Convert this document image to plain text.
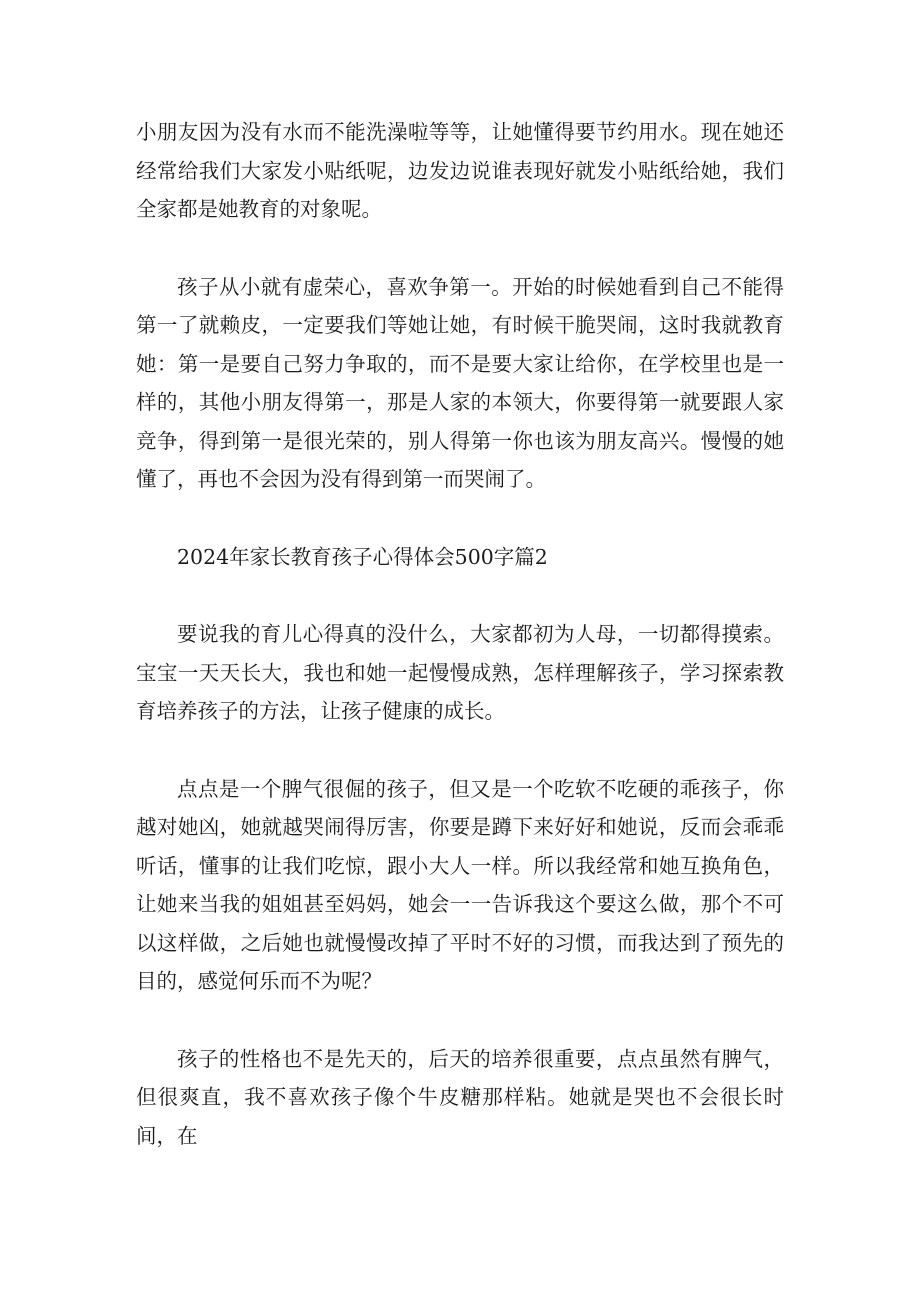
小朋友因为没有水而不能洗澡啦等等，让她懂得要节约用水。现在她还经常给我们大家发小贴纸呢，边发边说谁表现好就发小贴纸给她，我们全家都是她教育的对象呢。

孩子从小就有虚荣心，喜欢争第一。开始的时候她看到自己不能得第一了就赖皮，一定要我们等她让她，有时候干脆哭闹，这时我就教育她：第一是要自己努力争取的，而不是要大家让给你，在学校里也是一样的，其他小朋友得第一，那是人家的本领大，你要得第一就要跟人家竞争，得到第一是很光荣的，别人得第一你也该为朋友高兴。慢慢的她懂了，再也不会因为没有得到第一而哭闹了。

2024年家长教育孩子心得体会500字篇2

要说我的育儿心得真的没什么，大家都初为人母，一切都得摸索。宝宝一天天长大，我也和她一起慢慢成熟，怎样理解孩子，学习探索教育培养孩子的方法，让孩子健康的成长。

点点是一个脾气很倔的孩子，但又是一个吃软不吃硬的乖孩子，你越对她凶，她就越哭闹得厉害，你要是蹲下来好好和她说，反而会乖乖听话，懂事的让我们吃惊，跟小大人一样。所以我经常和她互换角色，让她来当我的姐姐甚至妈妈，她会一一告诉我这个要这么做，那个不可以这样做，之后她也就慢慢改掉了平时不好的习惯，而我达到了预先的目的，感觉何乐而不为呢？

孩子的性格也不是先天的，后天的培养很重要，点点虽然有脾气，但很爽直，我不喜欢孩子像个牛皮糖那样粘。她就是哭也不会很长时间，在
